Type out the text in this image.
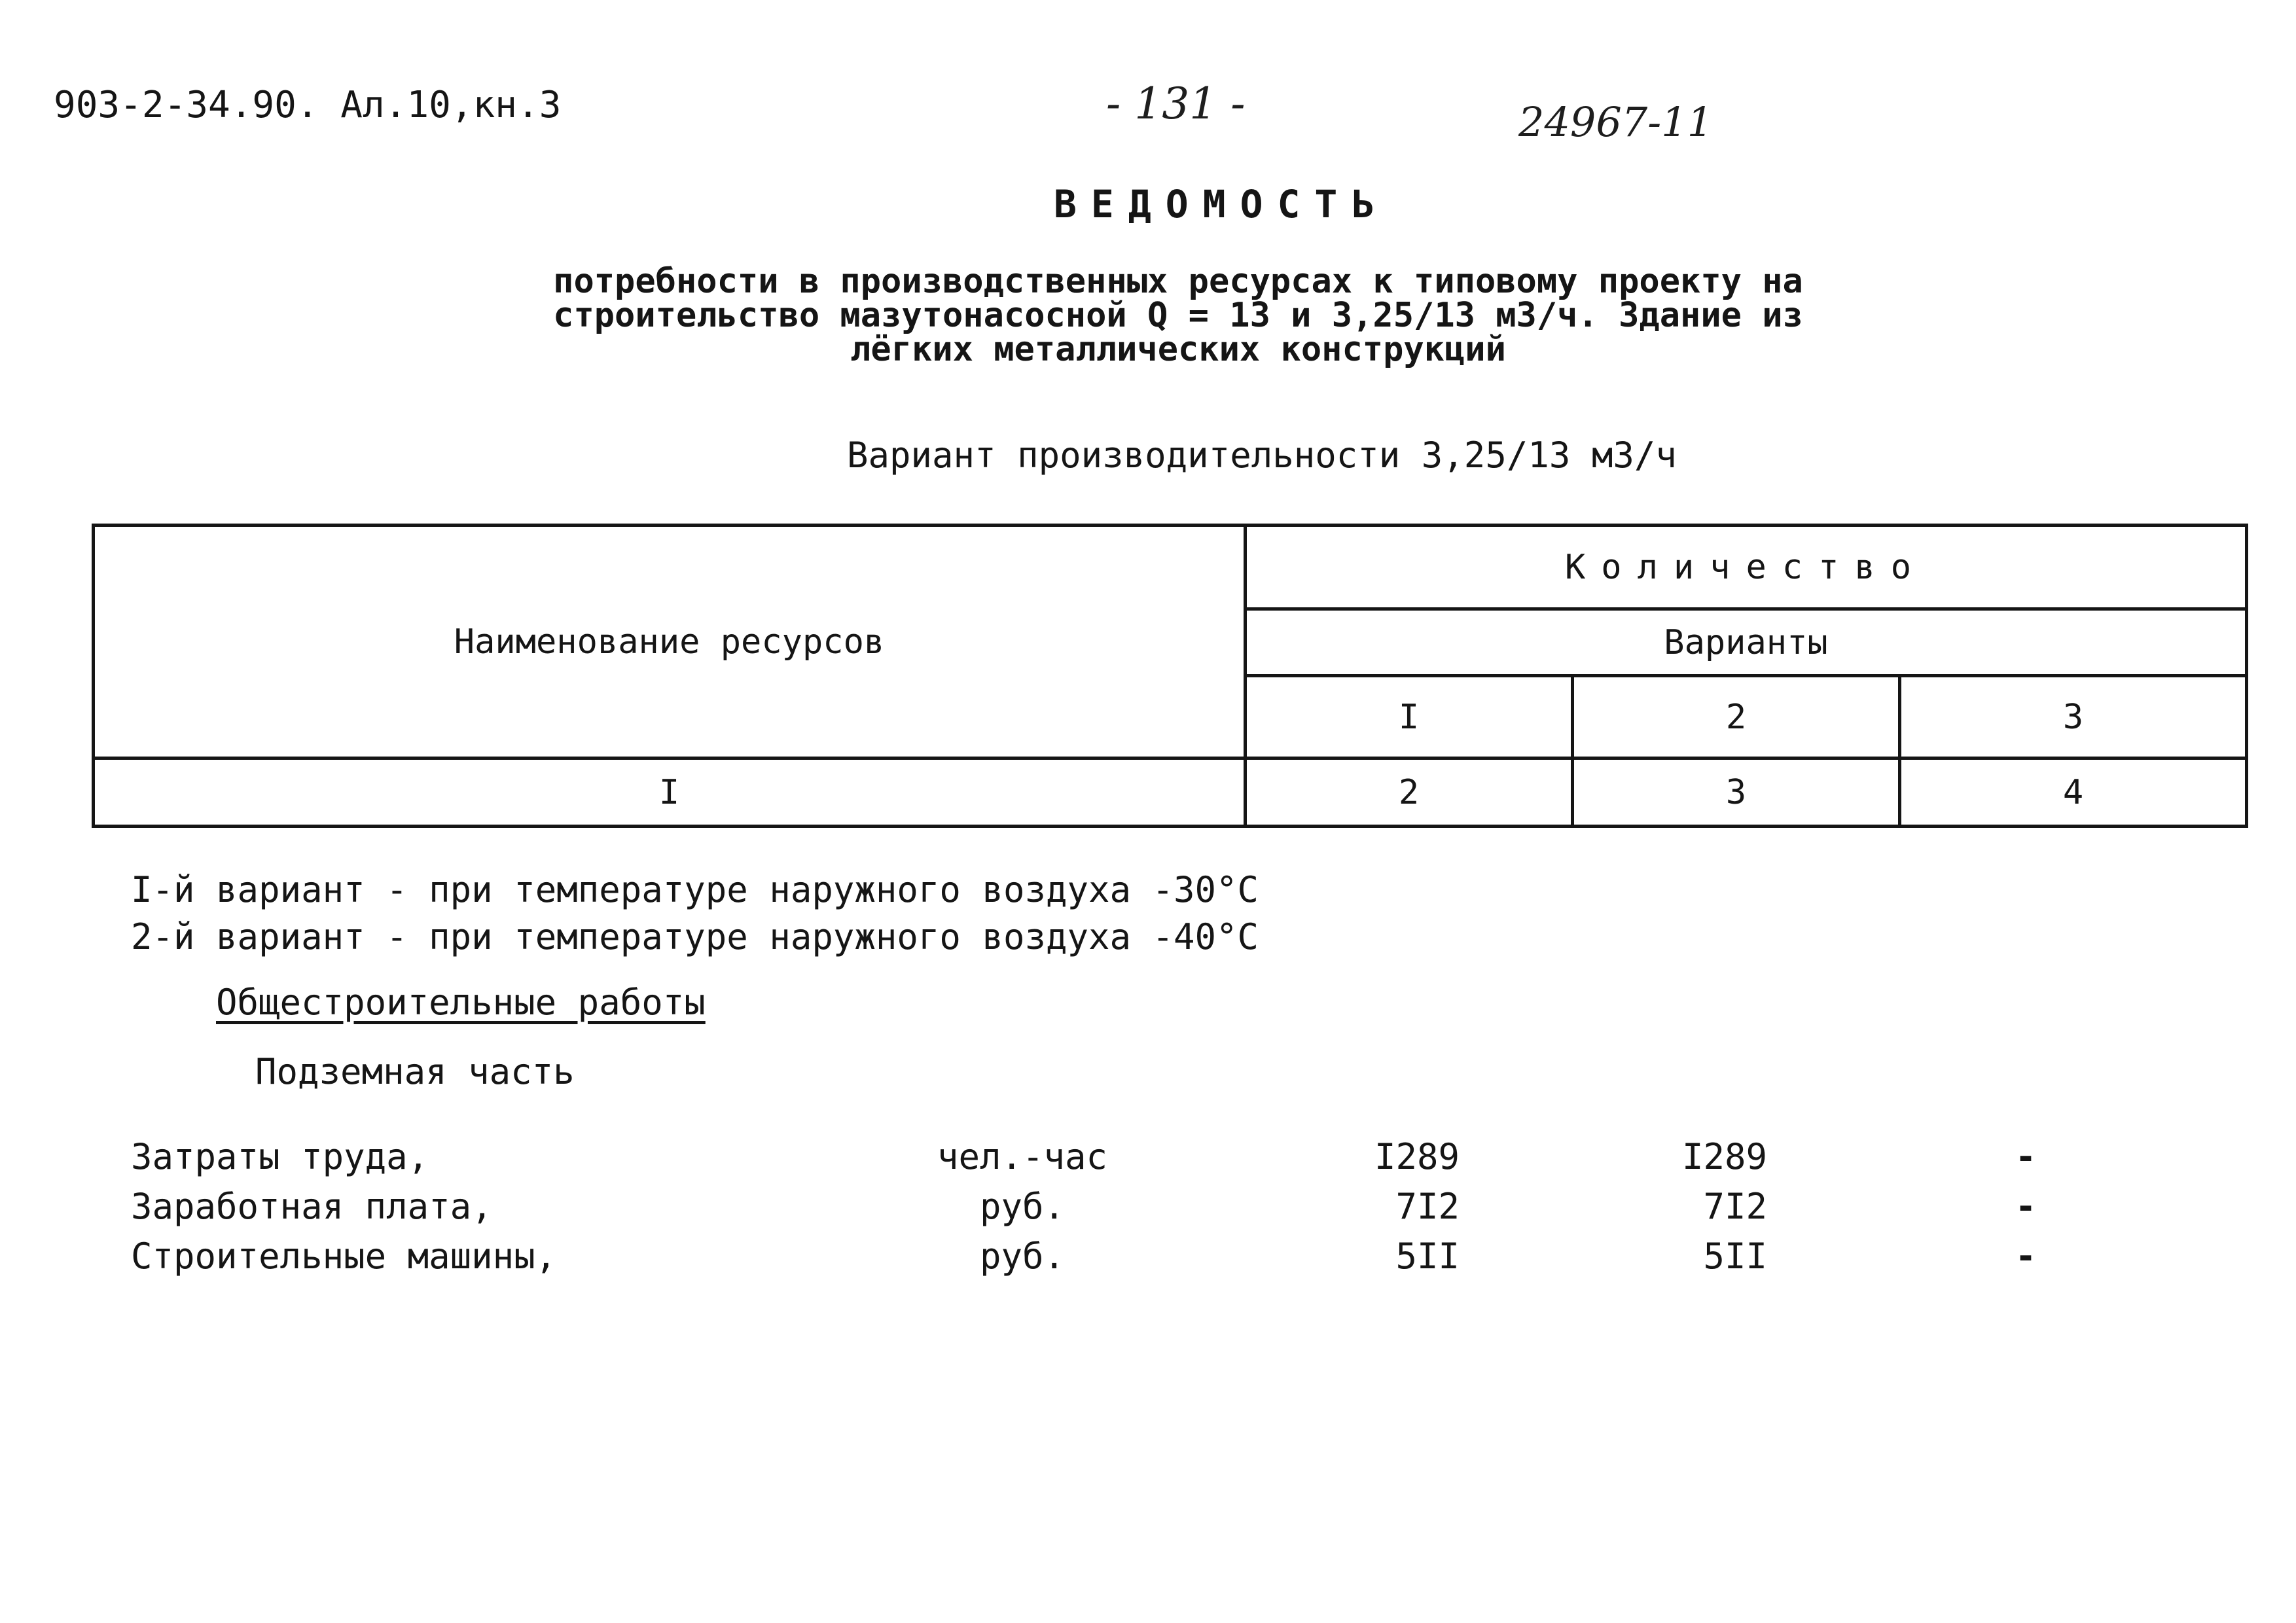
903-2-34.90. Ал.10,кн.3	- 131 -	24967-11
ВЕДОМОСТЬ
потребности в производственных ресурсах к типовому проекту на
строительство мазутонасосной Q = 13 и 3,25/13 м3/ч. Здание из
лёгких металлических конструкций
Вариант производительности 3,25/13 м3/ч
Наименование ресурсов	Количество		
	Варианты		
	I	2	3
I	2	3	4
I-й вариант - при температуре наружного воздуха -30°C
2-й вариант - при температуре наружного воздуха -40°C
Общестроительные работы
Подземная часть
Затраты труда,	чел.-час	I289	I289	-
Заработная плата,	руб.	7I2	7I2	-
Строительные машины,	руб.	5II	5II	-
